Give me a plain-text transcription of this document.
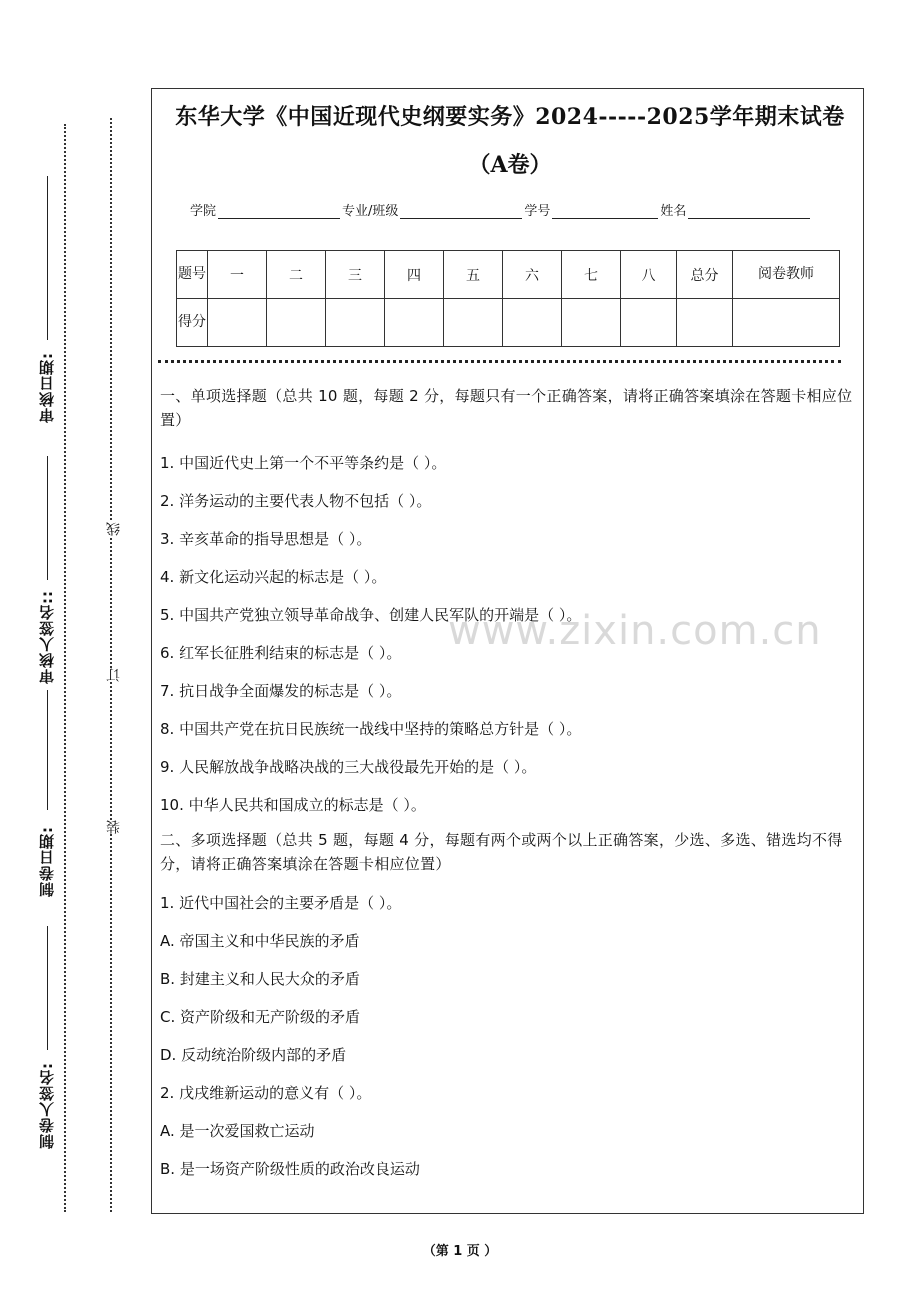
审核日期:
审核人签名::
制卷日期:
制卷人签名:
线
订
装
东华大学《中国近现代史纲要实务》2024-----2025学年期末试卷
（A卷）
学院	专业/班级	学号	姓名
题号	一	二	三	四	五	六	七	八	总分	阅卷教师
得分										
www.zixin.com.cn

一、单项选择题（总共 10 题，每题 2 分，每题只有一个正确答案，请将正确答案填涂在答题卡相应位置）

1. 中国近代史上第一个不平等条约是（ ）。

2. 洋务运动的主要代表人物不包括（ ）。

3. 辛亥革命的指导思想是（ ）。

4. 新文化运动兴起的标志是（ ）。

5. 中国共产党独立领导革命战争、创建人民军队的开端是（ ）。

6. 红军长征胜利结束的标志是（ ）。

7. 抗日战争全面爆发的标志是（ ）。

8. 中国共产党在抗日民族统一战线中坚持的策略总方针是（ ）。

9. 人民解放战争战略决战的三大战役最先开始的是（ ）。

10. 中华人民共和国成立的标志是（ ）。

二、多项选择题（总共 5 题，每题 4 分，每题有两个或两个以上正确答案，少选、多选、错选均不得分，请将正确答案填涂在答题卡相应位置）

1. 近代中国社会的主要矛盾是（ ）。

A. 帝国主义和中华民族的矛盾

B. 封建主义和人民大众的矛盾

C. 资产阶级和无产阶级的矛盾

D. 反动统治阶级内部的矛盾

2. 戊戌维新运动的意义有（ ）。

A. 是一次爱国救亡运动

B. 是一场资产阶级性质的政治改良运动

（第 1 页 ）
